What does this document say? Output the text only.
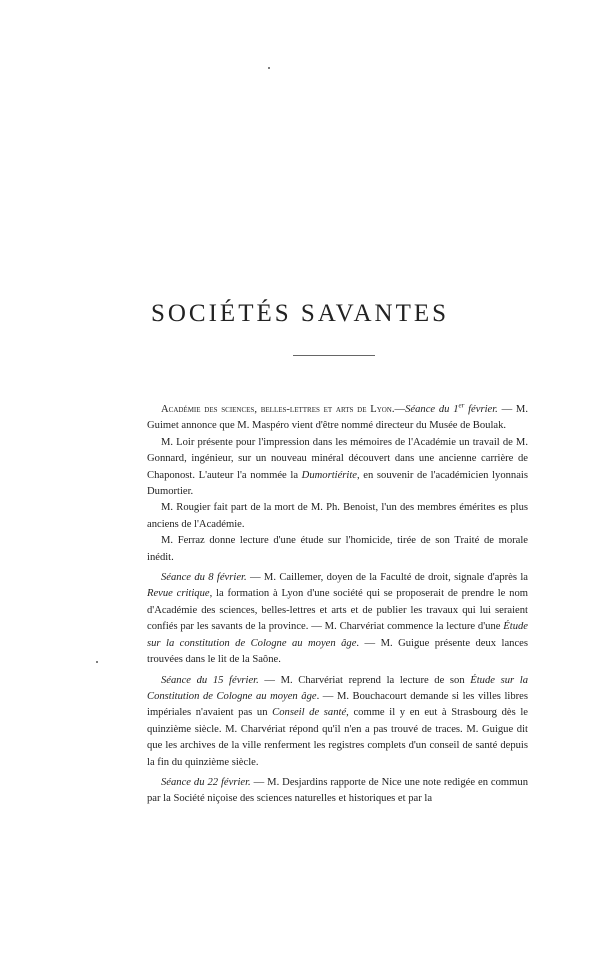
SOCIÉTÉS SAVANTES

Académie des sciences, belles-lettres et arts de Lyon.—Séance du 1er février. — M. Guimet annonce que M. Maspéro vient d'être nommé directeur du Musée de Boulak.

M. Loir présente pour l'impression dans les mémoires de l'Académie un travail de M. Gonnard, ingénieur, sur un nouveau minéral découvert dans une ancienne carrière de Chaponost. L'auteur l'a nommée la Dumortiérite, en souvenir de l'académicien lyonnais Dumortier.

M. Rougier fait part de la mort de M. Ph. Benoist, l'un des membres émérites es plus anciens de l'Académie.

M. Ferraz donne lecture d'une étude sur l'homicide, tirée de son Traité de morale inédit.

Séance du 8 février. — M. Caillemer, doyen de la Faculté de droit, signale d'après la Revue critique, la formation à Lyon d'une société qui se proposerait de prendre le nom d'Académie des sciences, belles-lettres et arts et de publier les travaux qui lui seraient confiés par les savants de la province. — M. Charvériat commence la lecture d'une Étude sur la constitution de Cologne au moyen âge. — M. Guigue présente deux lances trouvées dans le lit de la Saône.

Séance du 15 février. — M. Charvériat reprend la lecture de son Étude sur la Constitution de Cologne au moyen âge. — M. Bouchacourt demande si les villes libres impériales n'avaient pas un Conseil de santé, comme il y en eut à Strasbourg dès le quinzième siècle. M. Charvériat répond qu'il n'en a pas trouvé de traces. M. Guigue dit que les archives de la ville renferment les registres complets d'un conseil de santé depuis la fin du quinzième siècle.

Séance du 22 février. — M. Desjardins rapporte de Nice une note redigée en commun par la Société niçoise des sciences naturelles et historiques et par la
